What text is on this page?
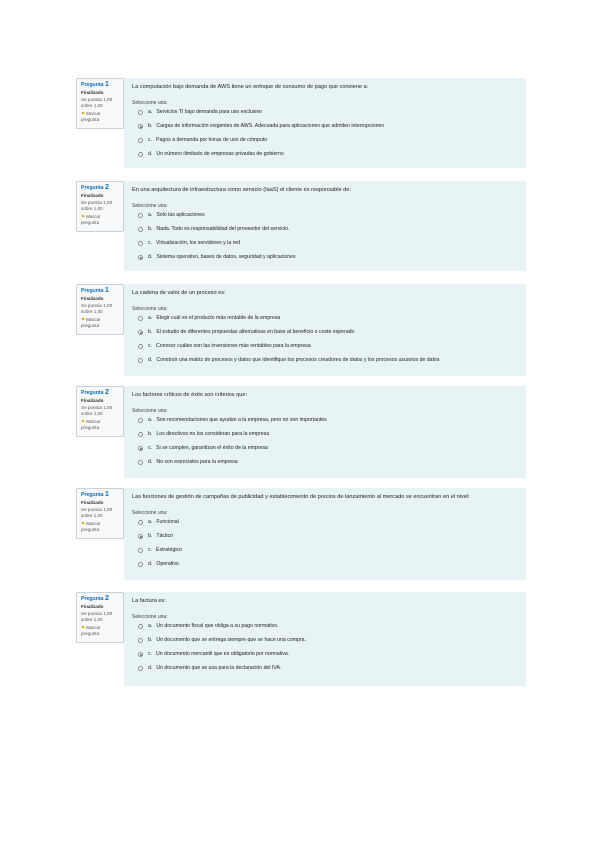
Pregunta 1
Finalizado
Se puntúa 1,00 sobre 1,00
⚑Marcar pregunta
La computación bajo demanda de AWS tiene un enfoque de consumo de pago que conviene a:
Seleccione una:
a. Servicios TI bajo demanda para uso exclusivo
b. Cargas de información exigentes de AWS. Adecuada para aplicaciones que admiten interrupciones
c. Pagos a demanda por horas de uso de cómputo
d. Un número ilimitado de empresas privadas de gobierno
Pregunta 2
Finalizado
Se puntúa 1,00 sobre 1,00
⚑Marcar pregunta
En una arquitectura de infraestructura como servicio (IaaS) el cliente es responsable de:
Seleccione una:
a. Solo las aplicaciones
b. Nada. Todo es responsabilidad del proveedor del servicio.
c. Virtualización, los servidores y la red
d. Sistema operativo, bases de datos, seguridad y aplicaciones
Pregunta 1
Finalizado
Se puntúa 1,00 sobre 1,00
⚑Marcar pregunta
La cadena de valor de un proceso es:
Seleccione una:
a. Elegir cuál es el producto más rentable de la empresa
b. El estudio de diferentes propuestas alternativas en base al beneficio o coste esperado
c. Conocer cuáles son las inversiones más rentables para la empresa
d. Construir una matriz de procesos y datos que identifique los procesos creadores de datos y los procesos usuarios de datos
Pregunta 2
Finalizado
Se puntúa 1,00 sobre 1,00
⚑Marcar pregunta
Los factores críticos de éxito son criterios que:
Seleccione una:
a. Son recomendaciones que ayudan a la empresa, pero no son importantes
b. Los directivos no los consideran para la empresa
c. Si se cumplen, garantizan el éxito de la empresa
d. No son esenciales para la empresa
Pregunta 1
Finalizado
Se puntúa 1,00 sobre 1,00
⚑Marcar pregunta
Las funciones de gestión de campañas de publicidad y establecimiento de precios de lanzamiento al mercado se encuentran en el nivel:
Seleccione una:
a. Funcional
b. Táctico
c. Estratégico
d. Operativo
Pregunta 2
Finalizado
Se puntúa 1,00 sobre 1,00
⚑Marcar pregunta
La factura es:
Seleccione una:
a. Un documento fiscal que obliga a su pago normativo.
b. Un documento que se entrega siempre que se hace una compra.
c. Un documento mercantil que es obligatorio por normativa.
d. Un documento que se usa para la declaración del IVA.
